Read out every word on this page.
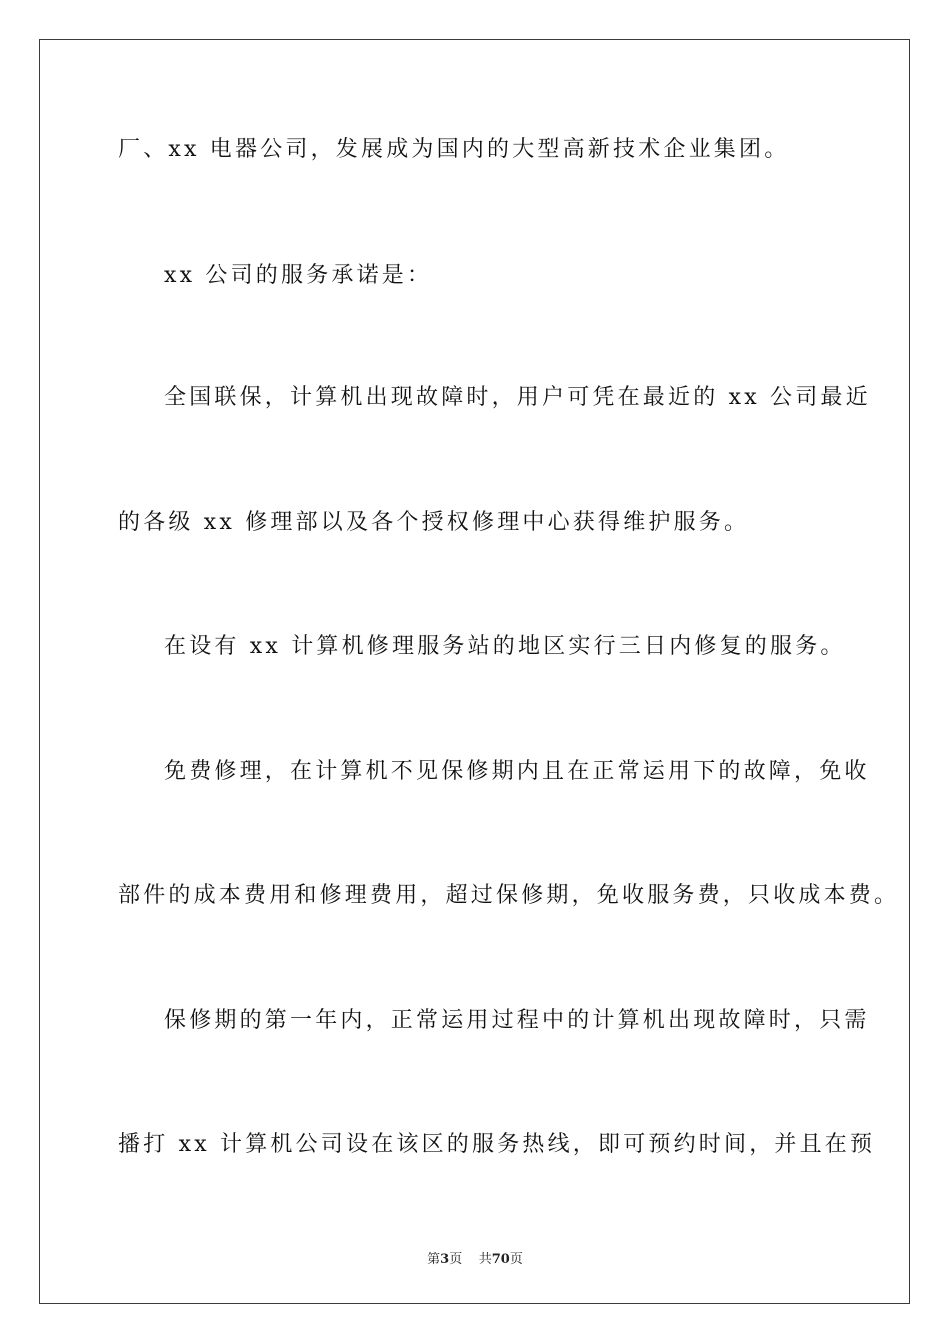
厂、xx 电器公司，发展成为国内的大型高新技术企业集团。
xx 公司的服务承诺是：
全国联保，计算机出现故障时，用户可凭在最近的 xx 公司最近
的各级 xx 修理部以及各个授权修理中心获得维护服务。
在设有 xx 计算机修理服务站的地区实行三日内修复的服务。
免费修理，在计算机不见保修期内且在正常运用下的故障，免收
部件的成本费用和修理费用，超过保修期，免收服务费，只收成本费。
保修期的第一年内，正常运用过程中的计算机出现故障时，只需
播打 xx 计算机公司设在该区的服务热线，即可预约时间，并且在预
第3页 共70页
